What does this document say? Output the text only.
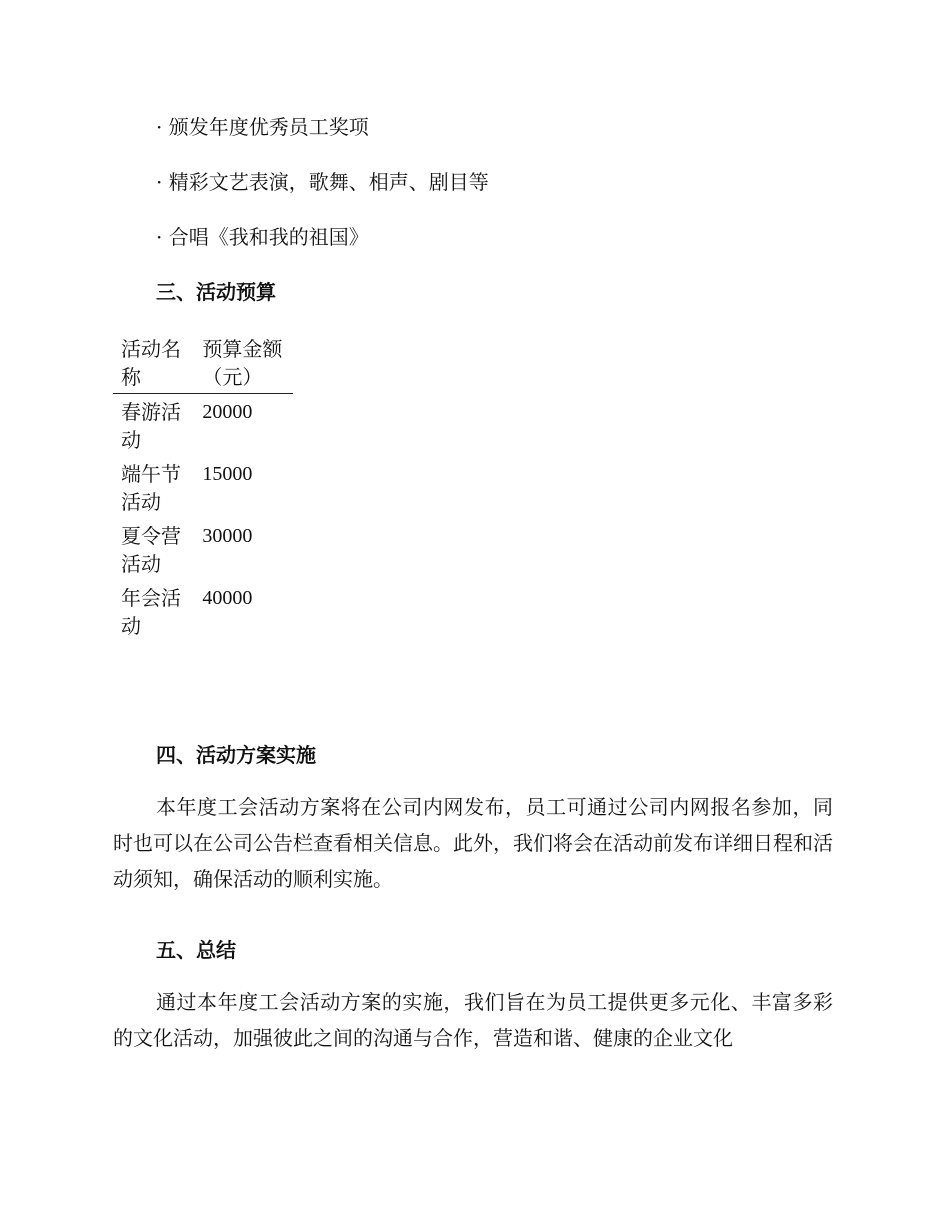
· 颁发年度优秀员工奖项
· 精彩文艺表演，歌舞、相声、剧目等
· 合唱《我和我的祖国》
三、活动预算
活动名称	预算金额（元）
春游活动	20000
端午节活动	15000
夏令营活动	30000
年会活动	40000
四、活动方案实施

本年度工会活动方案将在公司内网发布，员工可通过公司内网报名参加，同时也可以在公司公告栏查看相关信息。此外，我们将会在活动前发布详细日程和活动须知，确保活动的顺利实施。

五、总结

通过本年度工会活动方案的实施，我们旨在为员工提供更多元化、丰富多彩的文化活动，加强彼此之间的沟通与合作，营造和谐、健康的企业文化
